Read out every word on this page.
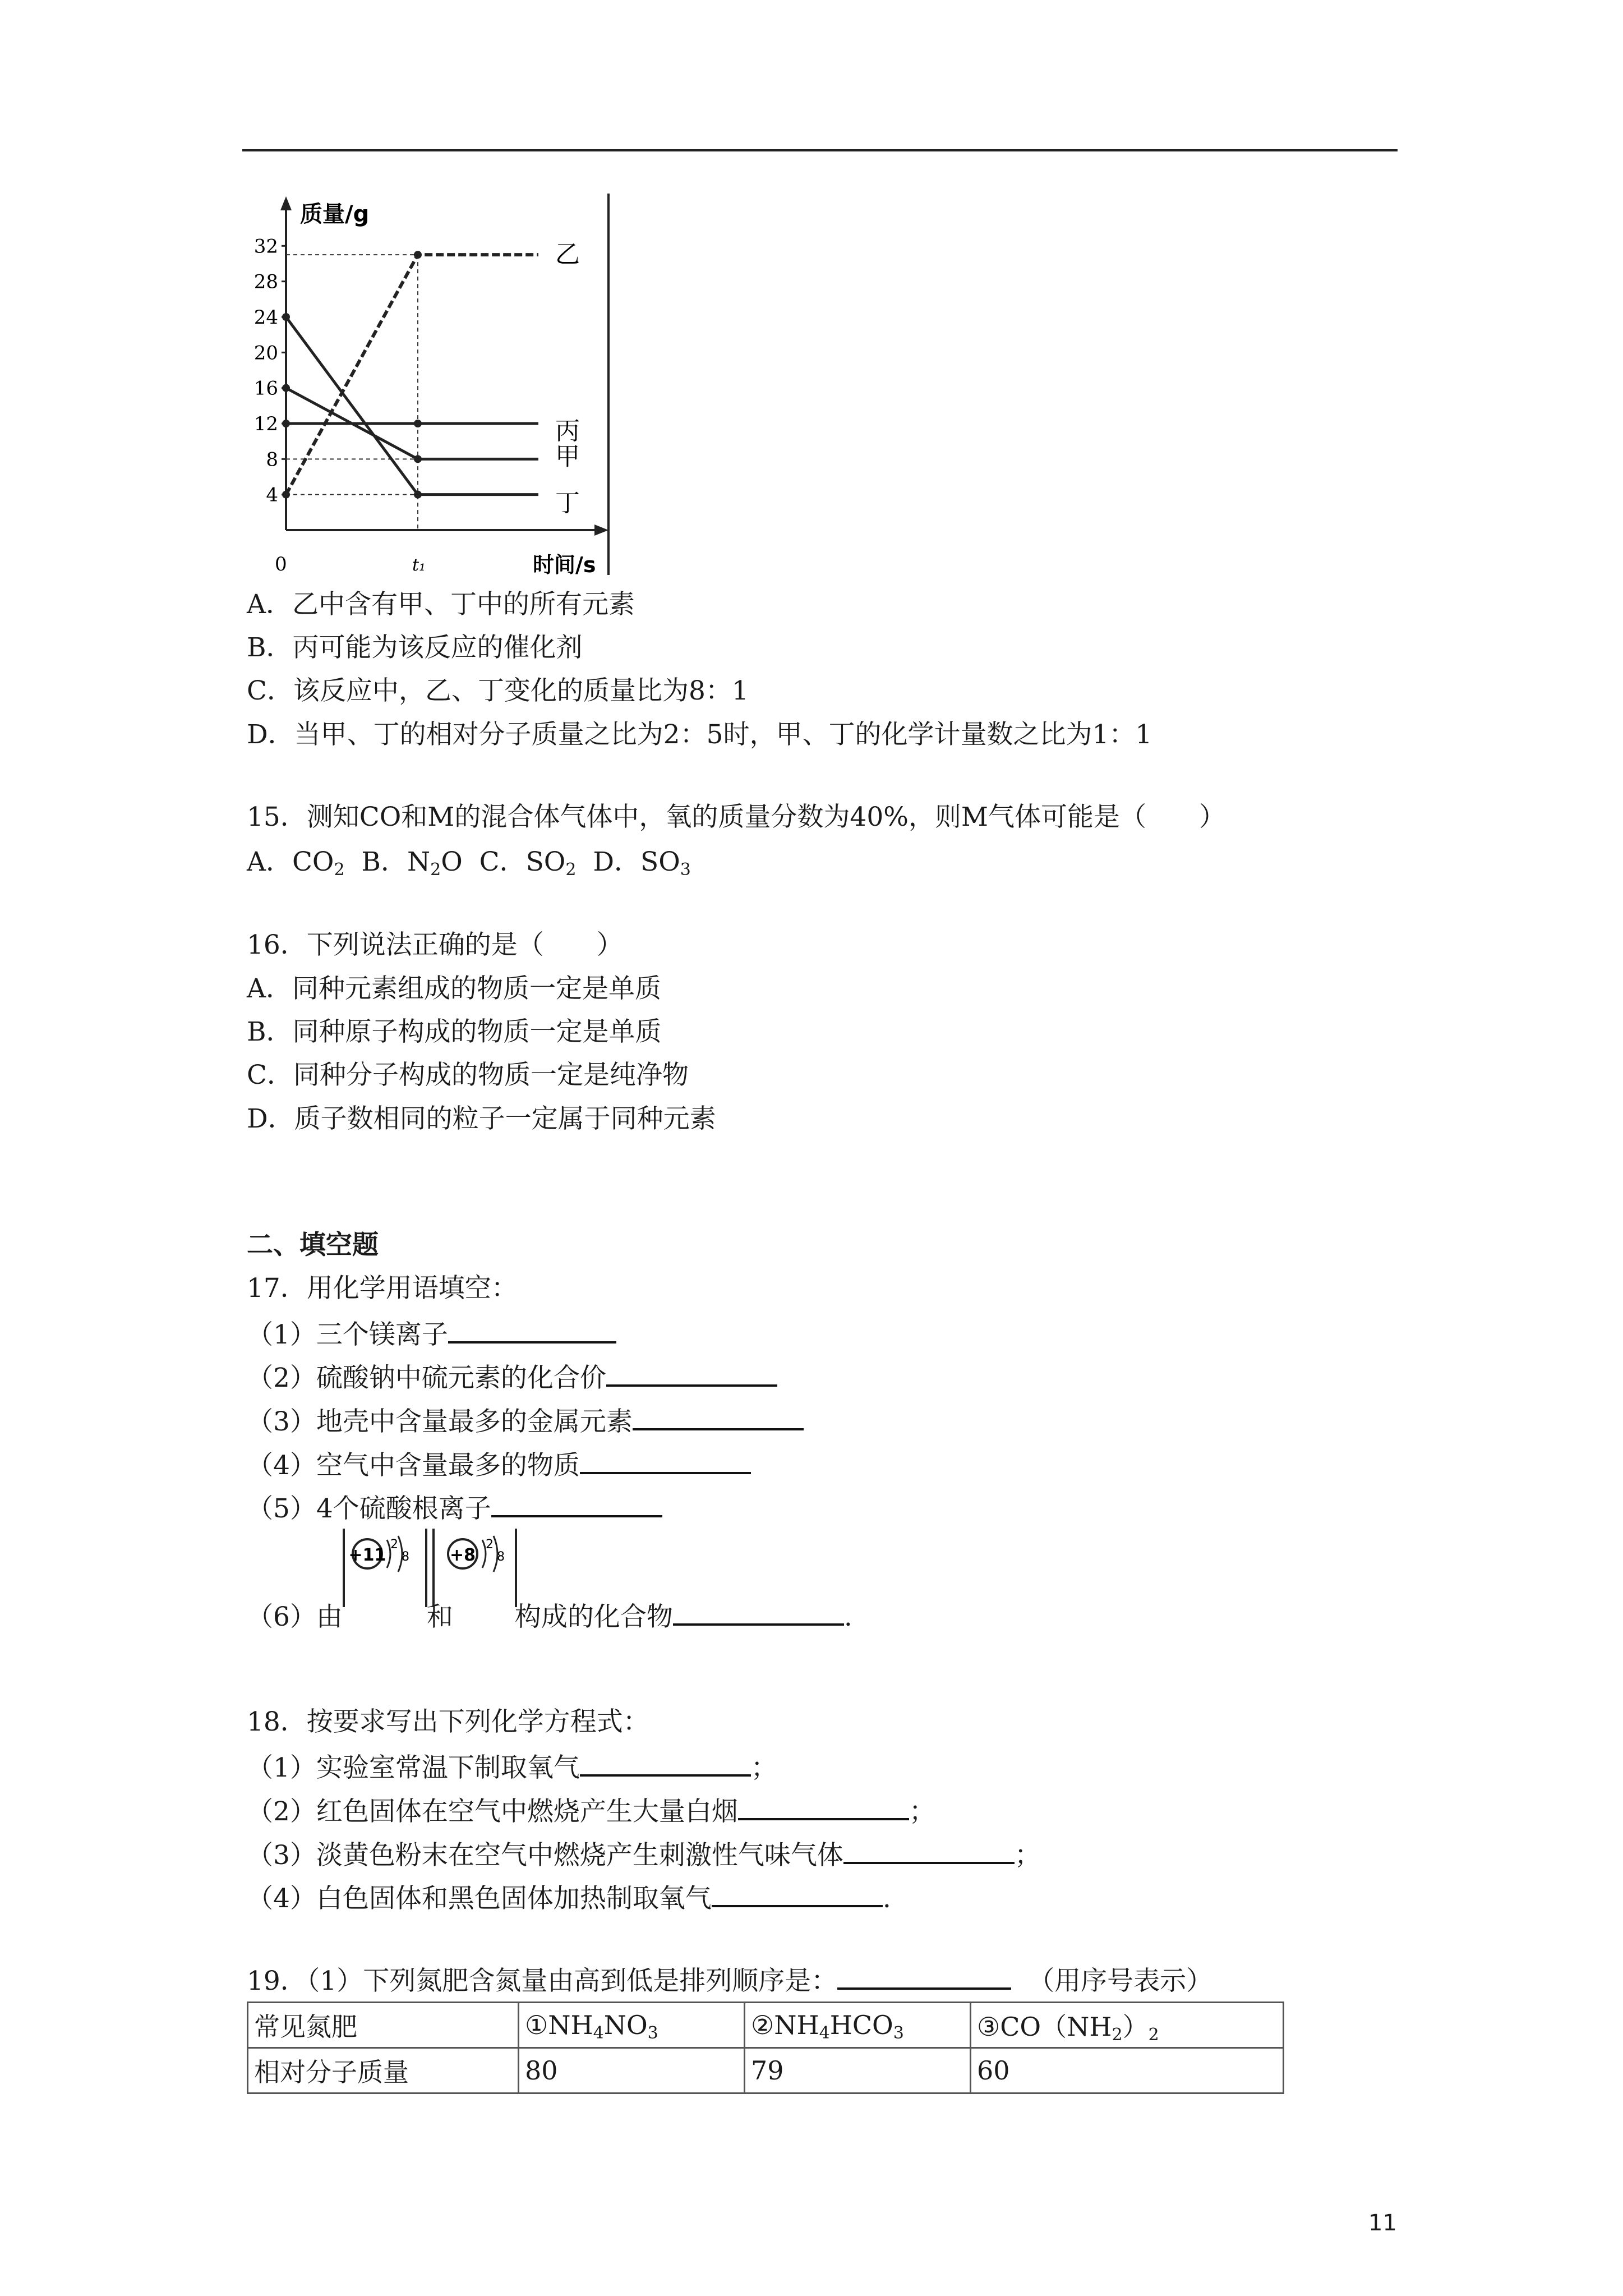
32
28
24
20
16
12
8
4
乙
丙
甲
丁
质量/g
时间/s
0	t₁
A．乙中含有甲、丁中的所有元素
B．丙可能为该反应的催化剂
C．该反应中，乙、丁变化的质量比为8：1
D．当甲、丁的相对分子质量之比为2：5时，甲、丁的化学计量数之比为1：1
15．测知CO和M的混合体气体中，氧的质量分数为40%，则M气体可能是（　　）
A．$CO_2$ B．$N_2O$ C．$SO_2$ D．$SO_3$
16．下列说法正确的是（　　）
A．同种元素组成的物质一定是单质
B．同种原子构成的物质一定是单质
C．同种分子构成的物质一定是纯净物
D．质子数相同的粒子一定属于同种元素
二、填空题
17．用化学用语填空：
（1）三个镁离子
（2）硫酸钠中硫元素的化合价
（3）地壳中含量最多的金属元素
（4）空气中含量最多的物质
（5）4个硫酸根离子
+11
2
8 +8
2
8
（6）由	和 构成的化合物	.
18．按要求写出下列化学方程式：
（1）实验室常温下制取氧气	；
（2）红色固体在空气中燃烧产生大量白烟	；
（3）淡黄色粉末在空气中燃烧产生刺激性气味气体	；
（4）白色固体和黑色固体加热制取氧气	.
19．（1）下列氮肥含氮量由高到低是排列顺序是：	（用序号表示）
常见氮肥	$①NH_4NO_3$	$②NH_4HCO_3$	$③CO(NH_2)_2$
相对分子质量	80	79	60
11
